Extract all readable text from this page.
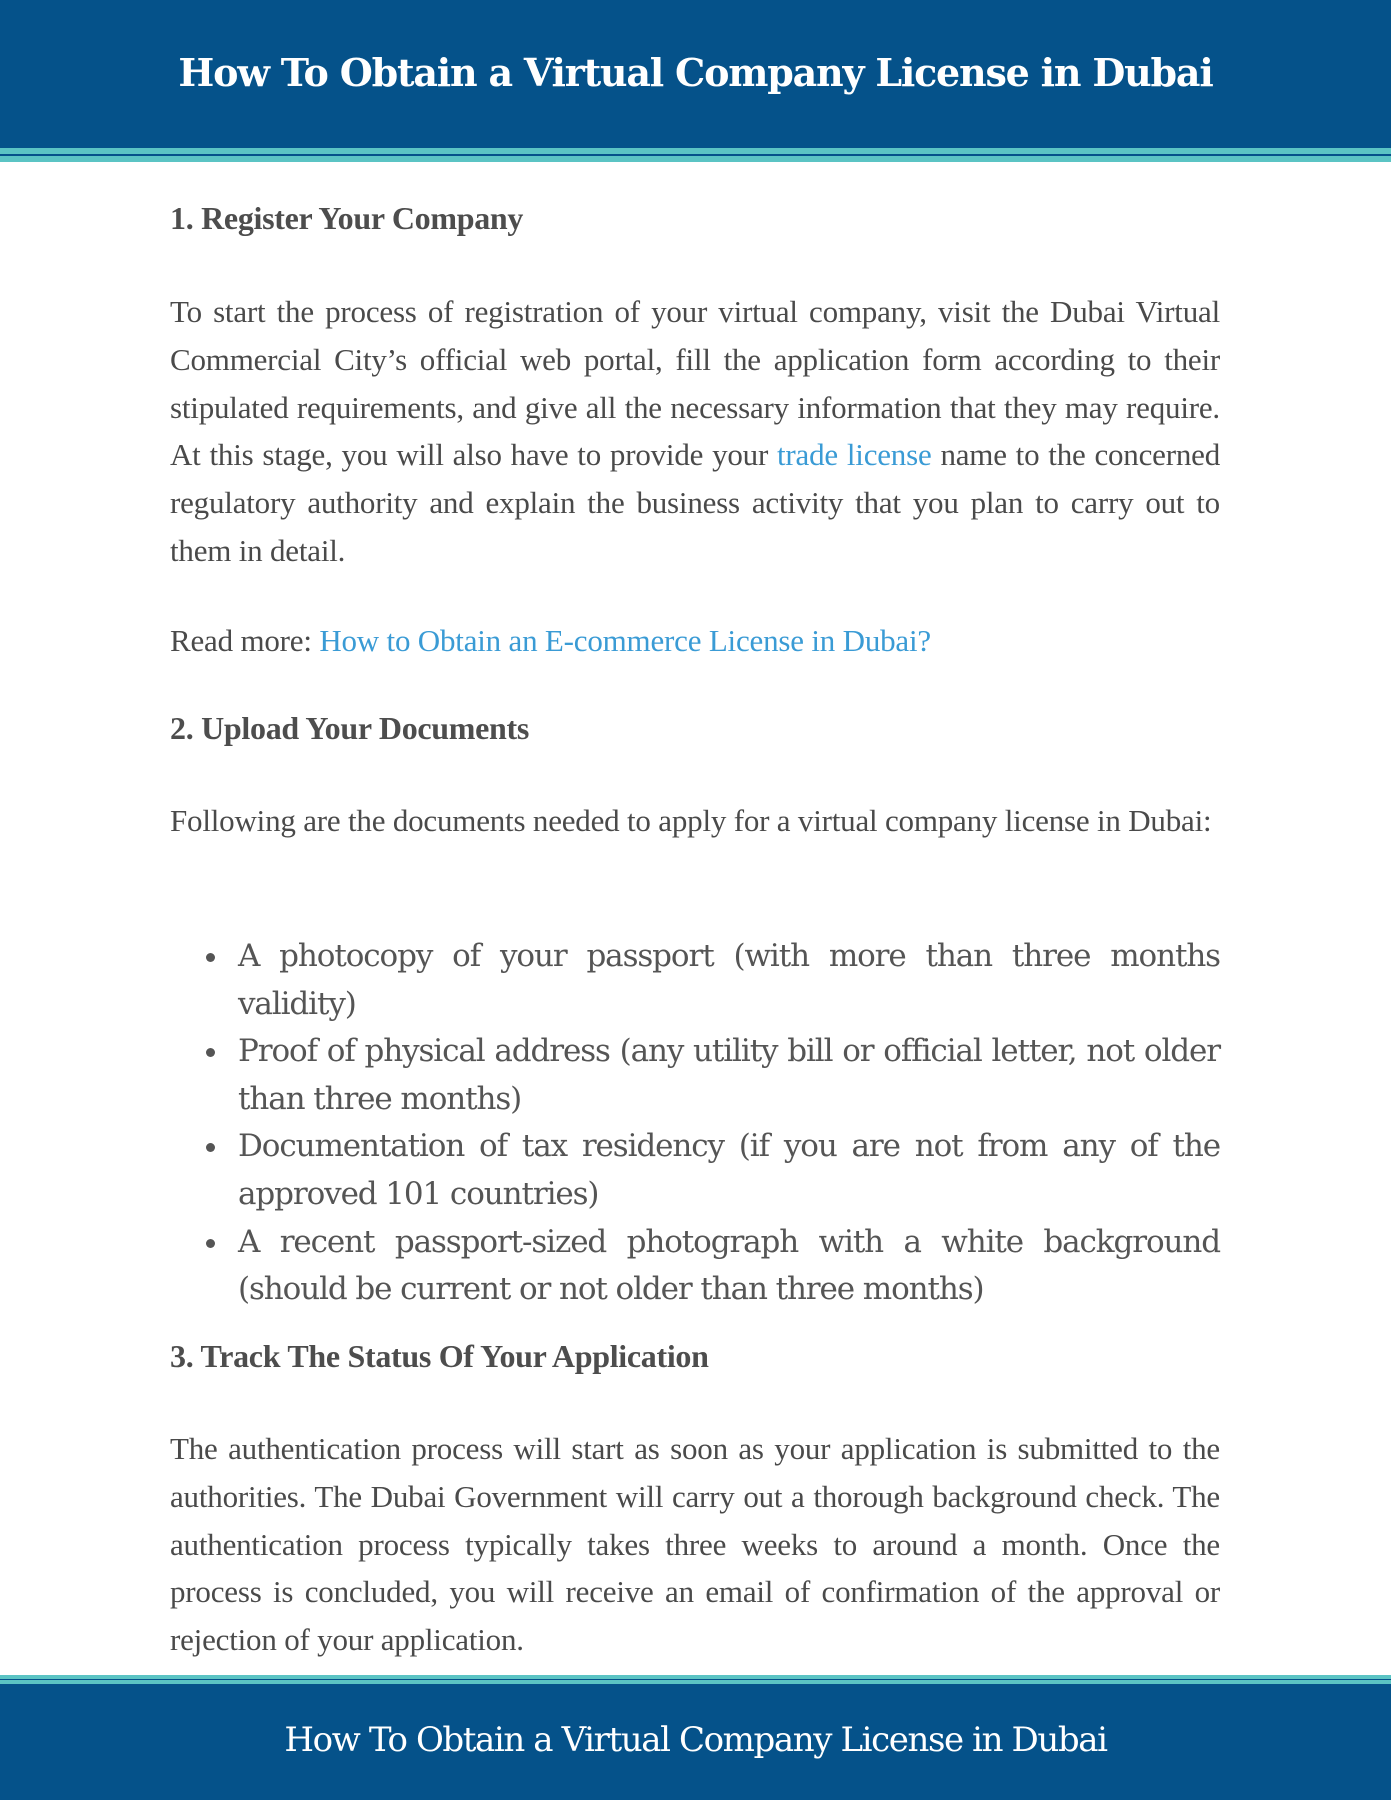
How To Obtain a Virtual Company License in Dubai
1. Register Your Company

To start the process of registration of your virtual company, visit the Dubai Virtual Commercial City’s official web portal, fill the application form according to their stipulated requirements, and give all the necessary information that they may require. At this stage, you will also have to provide your trade license name to the concerned regulatory authority and explain the business activity that you plan to carry out to them in detail.

Read more: How to Obtain an E-commerce License in Dubai?

2. Upload Your Documents

Following are the documents needed to apply for a virtual company license in Dubai:

A photocopy of your passport (with more than three months validity)
Proof of physical address (any utility bill or official letter, not older than three months)
Documentation of tax residency (if you are not from any of the approved 101 countries)
A recent passport-sized photograph with a white background (should be current or not older than three months)
3. Track The Status Of Your Application

The authentication process will start as soon as your application is submitted to the authorities. The Dubai Government will carry out a thorough background check. The authentication process typically takes three weeks to around a month. Once the process is concluded, you will receive an email of confirmation of the approval or rejection of your application.

How To Obtain a Virtual Company License in Dubai
